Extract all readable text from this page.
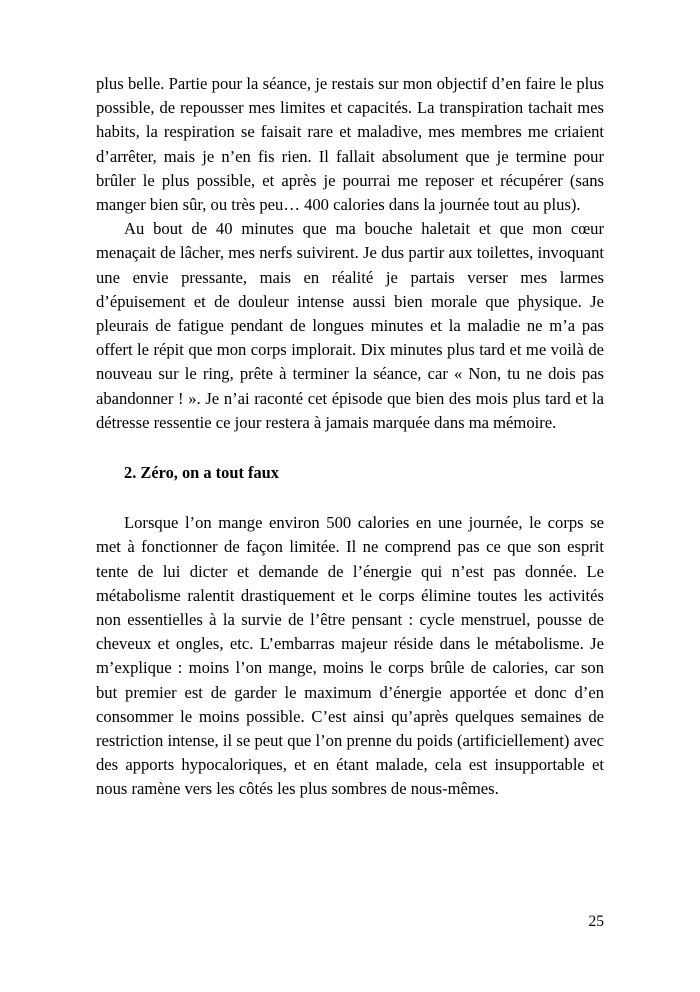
plus belle. Partie pour la séance, je restais sur mon objectif d’en faire le plus possible, de repousser mes limites et capacités. La transpiration tachait mes habits, la respiration se faisait rare et maladive, mes membres me criaient d’arrêter, mais je n’en fis rien. Il fallait absolument que je termine pour brûler le plus possible, et après je pourrai me reposer et récupérer (sans manger bien sûr, ou très peu… 400 calories dans la journée tout au plus).

Au bout de 40 minutes que ma bouche haletait et que mon cœur menaçait de lâcher, mes nerfs suivirent. Je dus partir aux toilettes, invoquant une envie pressante, mais en réalité je partais verser mes larmes d’épuisement et de douleur intense aussi bien morale que physique. Je pleurais de fatigue pendant de longues minutes et la maladie ne m’a pas offert le répit que mon corps implorait. Dix minutes plus tard et me voilà de nouveau sur le ring, prête à terminer la séance, car « Non, tu ne dois pas abandonner ! ». Je n’ai raconté cet épisode que bien des mois plus tard et la détresse ressentie ce jour restera à jamais marquée dans ma mémoire.

2. Zéro, on a tout faux

Lorsque l’on mange environ 500 calories en une journée, le corps se met à fonctionner de façon limitée. Il ne comprend pas ce que son esprit tente de lui dicter et demande de l’énergie qui n’est pas donnée. Le métabolisme ralentit drastiquement et le corps élimine toutes les activités non essentielles à la survie de l’être pensant : cycle menstruel, pousse de cheveux et ongles, etc. L’embarras majeur réside dans le métabolisme. Je m’explique : moins l’on mange, moins le corps brûle de calories, car son but premier est de garder le maximum d’énergie apportée et donc d’en consommer le moins possible. C’est ainsi qu’après quelques semaines de restriction intense, il se peut que l’on prenne du poids (artificiellement) avec des apports hypocaloriques, et en étant malade, cela est insupportable et nous ramène vers les côtés les plus sombres de nous-mêmes.

25
